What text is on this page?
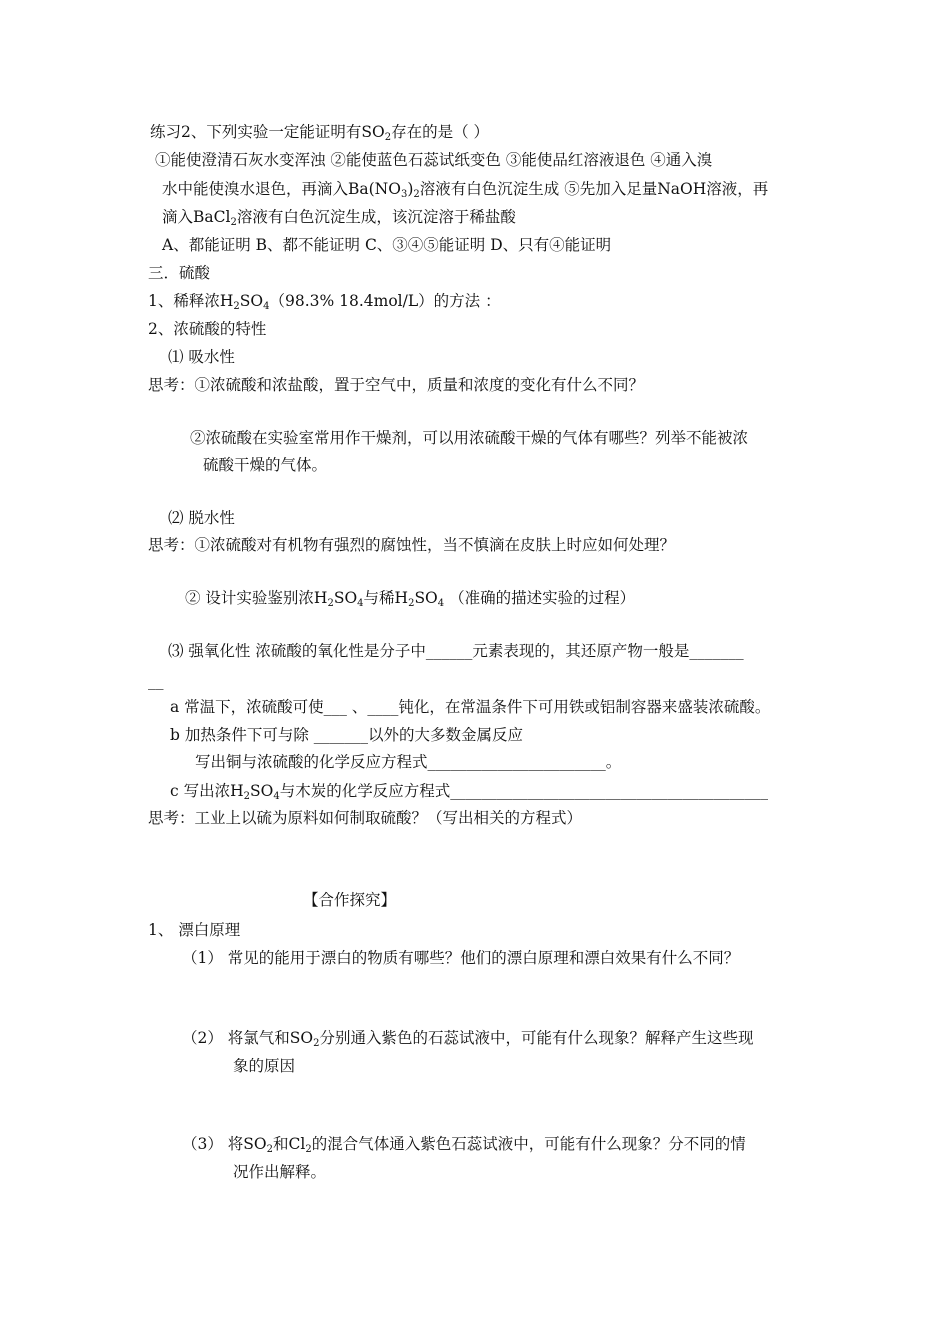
练习2、下列实验一定能证明有$SO_2$存在的是（ ）
①能使澄清石灰水变浑浊 ②能使蓝色石蕊试纸变色 ③能使品红溶液退色 ④通入溴
水中能使溴水退色，再滴入$Ba(NO_3)_2$溶液有白色沉淀生成 ⑤先加入足量NaOH溶液，再
滴入BaCl$_2$溶液有白色沉淀生成，该沉淀溶于稀盐酸
A、都能证明 B、都不能证明 C、③④⑤能证明 D、只有④能证明
三．硫酸
1、稀释浓$H_2SO_4(98.3\%$ 18.4mol/L）的方法 ：
2、浓硫酸的特性
⑴ 吸水性
思考：①浓硫酸和浓盐酸，置于空气中，质量和浓度的变化有什么不同？
②浓硫酸在实验室常用作干燥剂，可以用浓硫酸干燥的气体有哪些？列举不能被浓
硫酸干燥的气体。
⑵ 脱水性
思考：①浓硫酸对有机物有强烈的腐蚀性，当不慎滴在皮肤上时应如何处理？
② 设计实验鉴别浓$H_2SO_4$与稀$H_2SO_4$ （准确的描述实验的过程）
⑶ 强氧化性 浓硫酸的氧化性是分子中______元素表现的，其还原产物一般是_______
__
a 常温下，浓硫酸可使___ 、____钝化，在常温条件下可用铁或铝制容器来盛装浓硫酸。
b 加热条件下可与除 _______以外的大多数金属反应
写出铜与浓硫酸的化学反应方程式_______________________。
c 写出浓$H_2SO_4$与木炭的化学反应方程式_________________________________________
思考：工业上以硫为原料如何制取硫酸？（写出相关的方程式）
【合作探究】
1、 漂白原理
（1） 常见的能用于漂白的物质有哪些？他们的漂白原理和漂白效果有什么不同？
（2） 将氯气和$SO_2$分别通入紫色的石蕊试液中，可能有什么现象？解释产生这些现
象的原因
（3） 将$SO_2$和$Cl_2$的混合气体通入紫色石蕊试液中，可能有什么现象？分不同的情
况作出解释。
